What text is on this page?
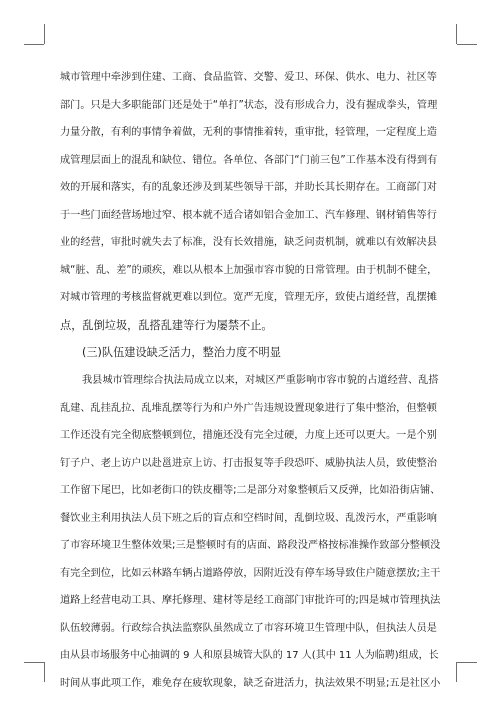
城市管理中牵涉到住建、工商、食品监管、交警、爱卫、环保、供水、电力、社区等
部门。只是大多职能部门还是处于“单打”状态，没有形成合力，没有握成拳头，管理
力量分散，有利的事情争着做，无利的事情推着转，重审批，轻管理，一定程度上造
成管理层面上的混乱和缺位、错位。各单位、各部门“门前三包”工作基本没有得到有
效的开展和落实，有的乱象还涉及到某些领导干部，并助长其长期存在。工商部门对
于一些门面经营场地过窄、根本就不适合诸如铝合金加工、汽车修理、钢材销售等行
业的经营，审批时就失去了标准，没有长效措施，缺乏问责机制，就难以有效解决县
城“脏、乱、差”的顽疾，难以从根本上加强市容市貌的日常管理。由于机制不健全，
对城市管理的考核监督就更难以到位。宽严无度，管理无序，致使占道经营，乱摆摊
点，乱倒垃圾，乱搭乱建等行为屡禁不止。
(三)队伍建设缺乏活力，整治力度不明显
我县城市管理综合执法局成立以来，对城区严重影响市容市貌的占道经营、乱搭
乱建、乱挂乱拉、乱堆乱摆等行为和户外广告违规设置现象进行了集中整治，但整顿
工作还没有完全彻底整顿到位，措施还没有完全过硬，力度上还可以更大。一是个别
钉子户、老上访户以赴邕进京上访、打击报复等手段恐吓、威胁执法人员，致使整治
工作留下尾巴，比如老街口的铁皮棚等;二是部分对象整顿后又反弹，比如沿街店铺、
餐饮业主利用执法人员下班之后的盲点和空档时间，乱倒垃圾、乱泼污水，严重影响
了市容环境卫生整体效果;三是整顿时有的店面、路段没严格按标准操作致部分整顿没
有完全到位，比如云林路车辆占道路停放，因附近没有停车场导致住户随意摆放;主干
道路上经营电动工具、摩托修理、建材等是经工商部门审批许可的;四是城市管理执法
队伍较薄弱。行政综合执法监察队虽然成立了市容环境卫生管理中队，但执法人员是
由从县市场服务中心抽调的 9 人和原县城管大队的 17 人(其中 11 人为临聘)组成，长
时间从事此项工作，难免存在疲软现象，缺乏奋进活力，执法效果不明显;五是社区小
